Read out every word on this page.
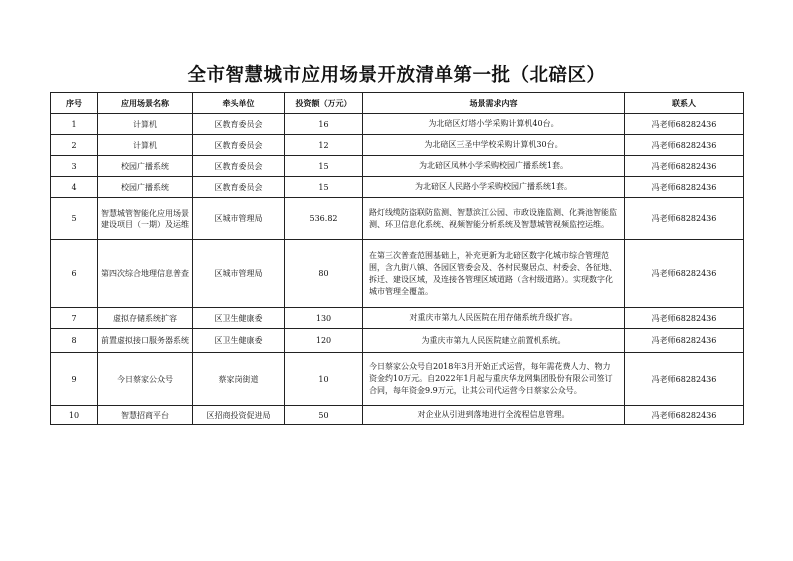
全市智慧城市应用场景开放清单第一批（北碚区）
序号	应用场景名称	牵头单位	投资额（万元）	场景需求内容	联系人
1	计算机	区教育委员会	16	为北碚区灯塔小学采购计算机40台。	冯老师68282436
2	计算机	区教育委员会	12	为北碚区三圣中学校采购计算机30台。	冯老师68282436
3	校园广播系统	区教育委员会	15	为北碚区凤林小学采购校园广播系统1套。	冯老师68282436
4	校园广播系统	区教育委员会	15	为北碚区人民路小学采购校园广播系统1套。	冯老师68282436
5	智慧城管智能化应用场景建设项目（一期）及运维	区城市管理局	536.82	路灯线缆防盗联防监测、智慧滨江公园、市政设施监测、化粪池智能监测、环卫信息化系统、视频智能分析系统及智慧城管视频监控运维。	冯老师68282436
6	第四次综合地理信息普查	区城市管理局	80	在第三次普查范围基础上，补充更新为北碚区数字化城市综合管理范围，含九街八镇、各园区管委会及、各村民聚居点、村委会、各征地、拆迁、建设区域，及连接各管理区域道路（含村级道路）。实现数字化城市管理全覆盖。	冯老师68282436
7	虚拟存储系统扩容	区卫生健康委	130	对重庆市第九人民医院在用存储系统升级扩容。	冯老师68282436
8	前置虚拟接口服务器系统	区卫生健康委	120	为重庆市第九人民医院建立前置机系统。	冯老师68282436
9	今日蔡家公众号	蔡家岗街道	10	今日蔡家公众号自2018年3月开始正式运营，每年需花费人力、物力资金约10万元。自2022年1月起与重庆华龙网集团股份有限公司签订合同，每年资金9.9万元，让其公司代运营今日蔡家公众号。	冯老师68282436
10	智慧招商平台	区招商投资促进局	50	对企业从引进到落地进行全流程信息管理。	冯老师68282436
